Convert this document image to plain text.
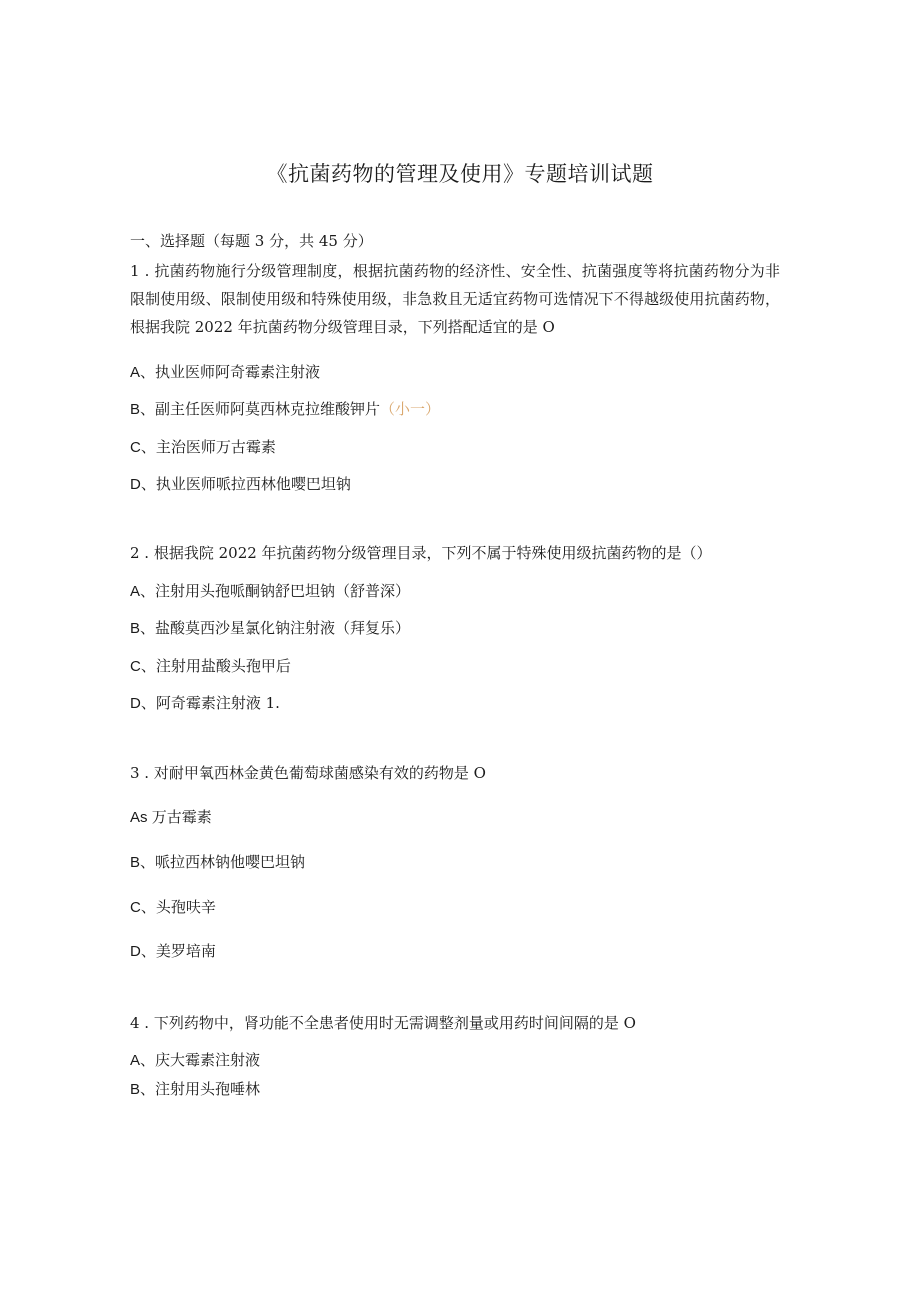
《抗菌药物的管理及使用》专题培训试题
一、选择题（每题 3 分，共 45 分）
1 . 抗菌药物施行分级管理制度，根据抗菌药物的经济性、安全性、抗菌强度等将抗菌药物分为非限制使用级、限制使用级和特殊使用级，非急救且无适宜药物可选情况下不得越级使用抗菌药物，根据我院 2022 年抗菌药物分级管理目录，下列搭配适宜的是 O
A、执业医师阿奇霉素注射液
B、副主任医师阿莫西林克拉维酸钾片（小一）
C、主治医师万古霉素
D、执业医师哌拉西林他嘤巴坦钠
2 . 根据我院 2022 年抗菌药物分级管理目录，下列不属于特殊使用级抗菌药物的是（）
A、注射用头孢哌酮钠舒巴坦钠（舒普深）
B、盐酸莫西沙星氯化钠注射液（拜复乐）
C、注射用盐酸头孢甲后
D、阿奇霉素注射液 1.
3 . 对耐甲氧西林金黄色葡萄球菌感染有效的药物是 O
As 万古霉素
B、哌拉西林钠他嘤巴坦钠
C、头孢呋辛
D、美罗培南
4 . 下列药物中，肾功能不全患者使用时无需调整剂量或用药时间间隔的是 O
A、庆大霉素注射液
B、注射用头孢唾林
